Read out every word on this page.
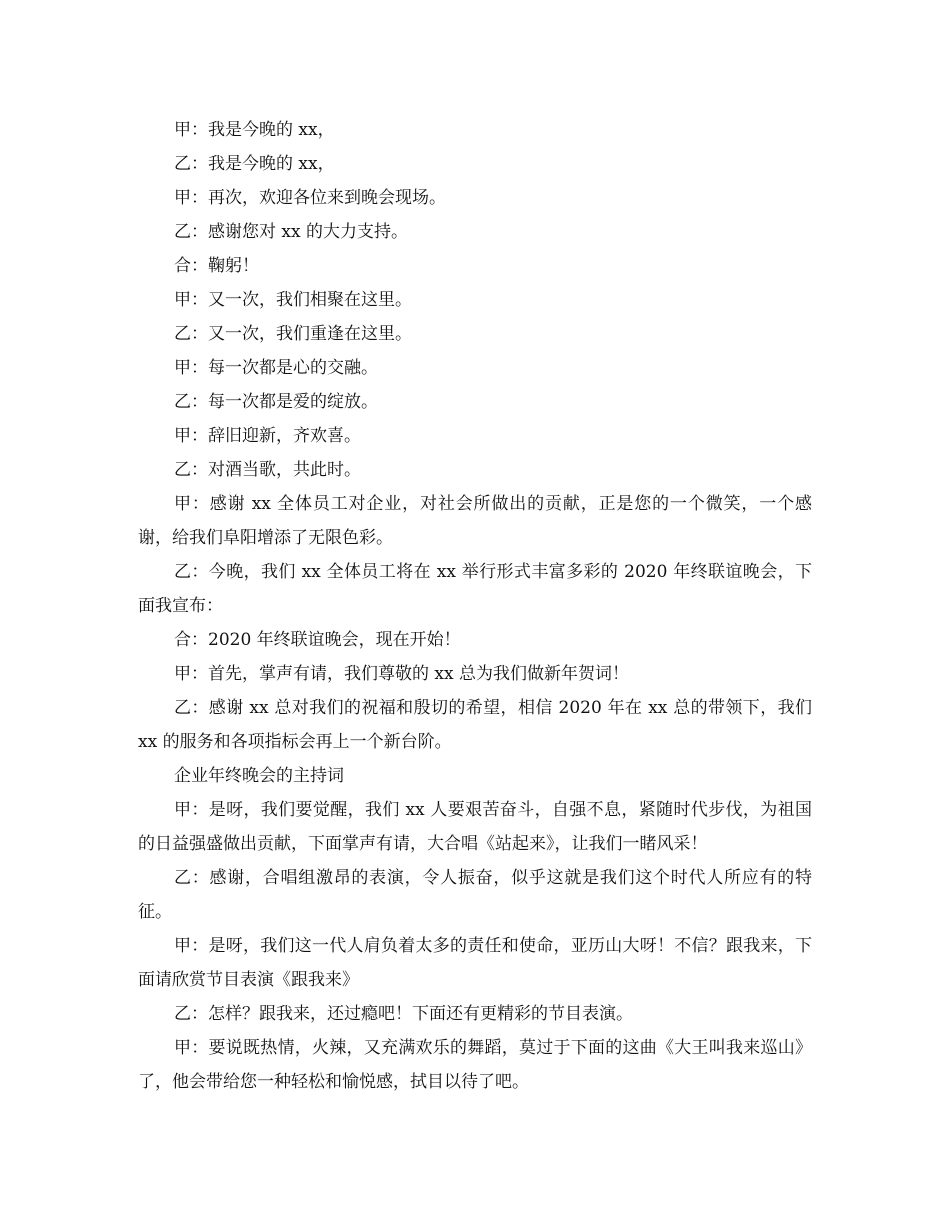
甲：我是今晚的 xx，

乙：我是今晚的 xx，

甲：再次，欢迎各位来到晚会现场。

乙：感谢您对 xx 的大力支持。

合：鞠躬！

甲：又一次，我们相聚在这里。

乙：又一次，我们重逢在这里。

甲：每一次都是心的交融。

乙：每一次都是爱的绽放。

甲：辞旧迎新，齐欢喜。

乙：对酒当歌，共此时。

甲：感谢 xx 全体员工对企业，对社会所做出的贡献，正是您的一个微笑，一个感谢，给我们阜阳增添了无限色彩。

乙：今晚，我们 xx 全体员工将在 xx 举行形式丰富多彩的 2020 年终联谊晚会，下面我宣布：

合：2020 年终联谊晚会，现在开始！

甲：首先，掌声有请，我们尊敬的 xx 总为我们做新年贺词！

乙：感谢 xx 总对我们的祝福和殷切的希望，相信 2020 年在 xx 总的带领下，我们 xx 的服务和各项指标会再上一个新台阶。

企业年终晚会的主持词

甲：是呀，我们要觉醒，我们 xx 人要艰苦奋斗，自强不息，紧随时代步伐，为祖国的日益强盛做出贡献，下面掌声有请，大合唱《站起来》，让我们一睹风采！

乙：感谢，合唱组激昂的表演，令人振奋，似乎这就是我们这个时代人所应有的特征。

甲：是呀，我们这一代人肩负着太多的责任和使命，亚历山大呀！不信？跟我来，下面请欣赏节目表演《跟我来》

乙：怎样？跟我来，还过瘾吧！下面还有更精彩的节目表演。

甲：要说既热情，火辣，又充满欢乐的舞蹈，莫过于下面的这曲《大王叫我来巡山》了，他会带给您一种轻松和愉悦感，拭目以待了吧。
